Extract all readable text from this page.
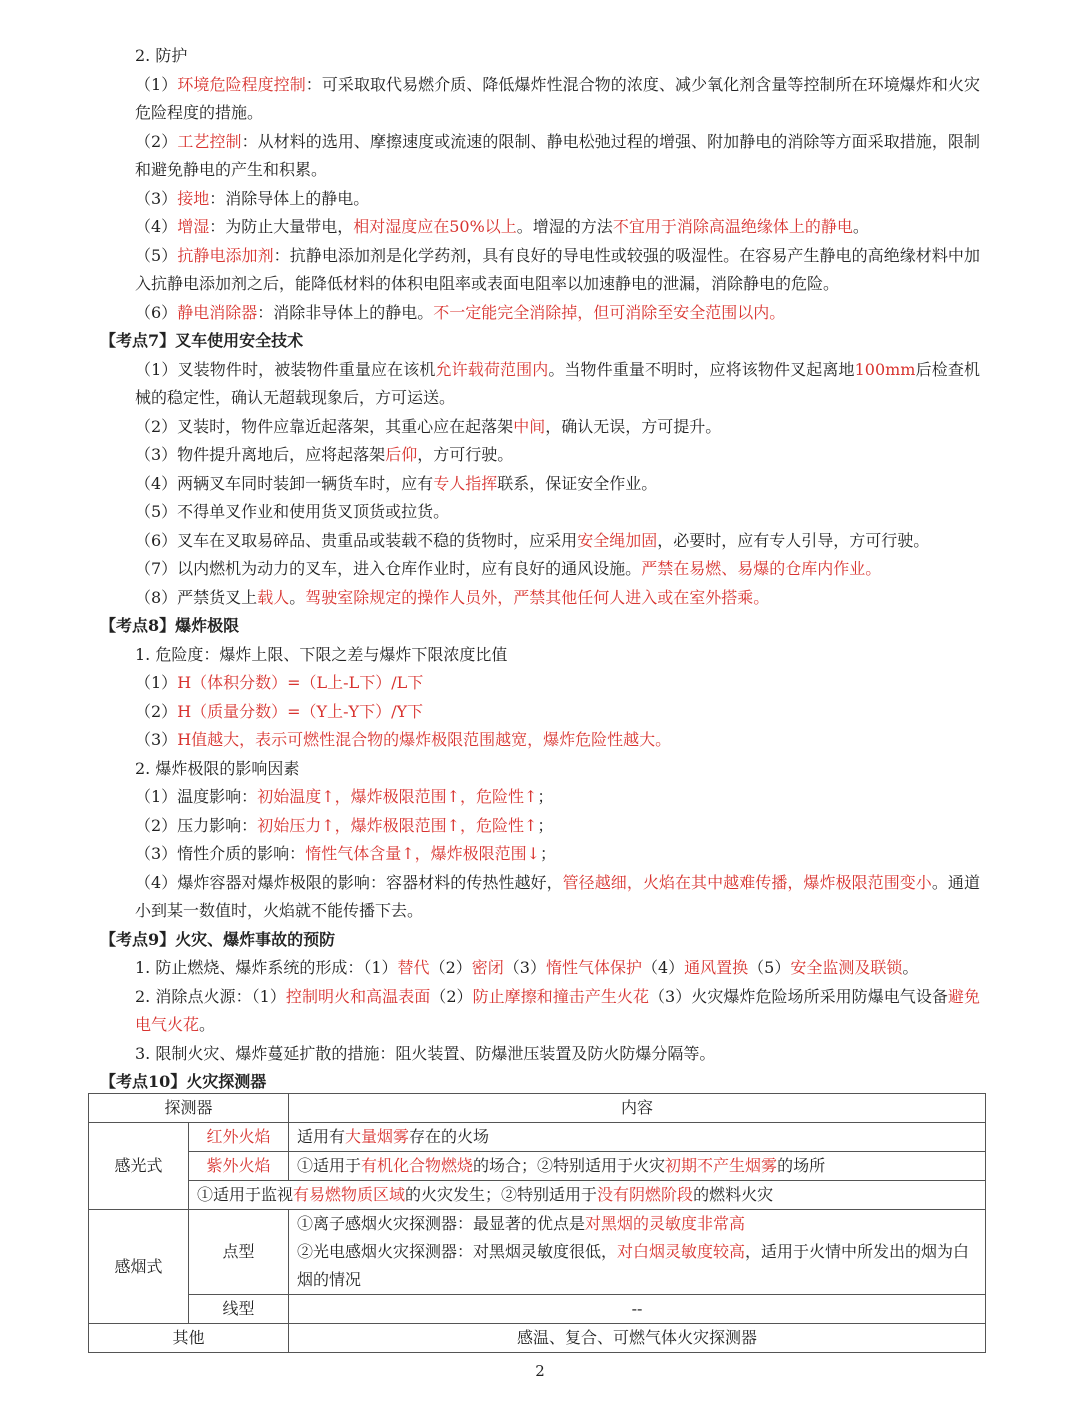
2. 防护
（1）环境危险程度控制：可采取取代易燃介质、降低爆炸性混合物的浓度、减少氧化剂含量等控制所在环境爆炸和火灾危险程度的措施。
（2）工艺控制：从材料的选用、摩擦速度或流速的限制、静电松弛过程的增强、附加静电的消除等方面采取措施，限制和避免静电的产生和积累。
（3）接地：消除导体上的静电。
（4）增湿：为防止大量带电，相对湿度应在50%以上。增湿的方法不宜用于消除高温绝缘体上的静电。
（5）抗静电添加剂：抗静电添加剂是化学药剂，具有良好的导电性或较强的吸湿性。在容易产生静电的高绝缘材料中加入抗静电添加剂之后，能降低材料的体积电阻率或表面电阻率以加速静电的泄漏，消除静电的危险。
（6）静电消除器：消除非导体上的静电。不一定能完全消除掉，但可消除至安全范围以内。
【考点7】叉车使用安全技术
（1）叉装物件时，被装物件重量应在该机允许载荷范围内。当物件重量不明时，应将该物件叉起离地100mm后检查机械的稳定性，确认无超载现象后，方可运送。
（2）叉装时，物件应靠近起落架，其重心应在起落架中间，确认无误，方可提升。
（3）物件提升离地后，应将起落架后仰，方可行驶。
（4）两辆叉车同时装卸一辆货车时，应有专人指挥联系，保证安全作业。
（5）不得单叉作业和使用货叉顶货或拉货。
（6）叉车在叉取易碎品、贵重品或装载不稳的货物时，应采用安全绳加固，必要时，应有专人引导，方可行驶。
（7）以内燃机为动力的叉车，进入仓库作业时，应有良好的通风设施。严禁在易燃、易爆的仓库内作业。
（8）严禁货叉上载人。驾驶室除规定的操作人员外，严禁其他任何人进入或在室外搭乘。
【考点8】爆炸极限
1. 危险度：爆炸上限、下限之差与爆炸下限浓度比值
（1）H（体积分数）=（L上-L下）/L下
（2）H（质量分数）=（Y上-Y下）/Y下
（3）H值越大，表示可燃性混合物的爆炸极限范围越宽，爆炸危险性越大。
2. 爆炸极限的影响因素
（1）温度影响：初始温度↑，爆炸极限范围↑，危险性↑；
（2）压力影响：初始压力↑，爆炸极限范围↑，危险性↑；
（3）惰性介质的影响：惰性气体含量↑，爆炸极限范围↓；
（4）爆炸容器对爆炸极限的影响：容器材料的传热性越好，管径越细，火焰在其中越难传播，爆炸极限范围变小。通道小到某一数值时，火焰就不能传播下去。
【考点9】火灾、爆炸事故的预防
1. 防止燃烧、爆炸系统的形成：（1）替代（2）密闭（3）惰性气体保护（4）通风置换（5）安全监测及联锁。
2. 消除点火源：（1）控制明火和高温表面（2）防止摩擦和撞击产生火花（3）火灾爆炸危险场所采用防爆电气设备避免电气火花。
3. 限制火灾、爆炸蔓延扩散的措施：阻火装置、防爆泄压装置及防火防爆分隔等。
【考点10】火灾探测器
探测器		内容
感光式	红外火焰	适用有大量烟雾存在的火场
	紫外火焰	①适用于有机化合物燃烧的场合；②特别适用于火灾初期不产生烟雾的场所
	①适用于监视有易燃物质区域的火灾发生；②特别适用于没有阴燃阶段的燃料火灾	
感烟式	点型	①离子感烟火灾探测器：最显著的优点是对黑烟的灵敏度非常高
②光电感烟火灾探测器：对黑烟灵敏度很低，对白烟灵敏度较高，适用于火情中所发出的烟为白烟的情况

	线型	--
其他		感温、复合、可燃气体火灾探测器
2
